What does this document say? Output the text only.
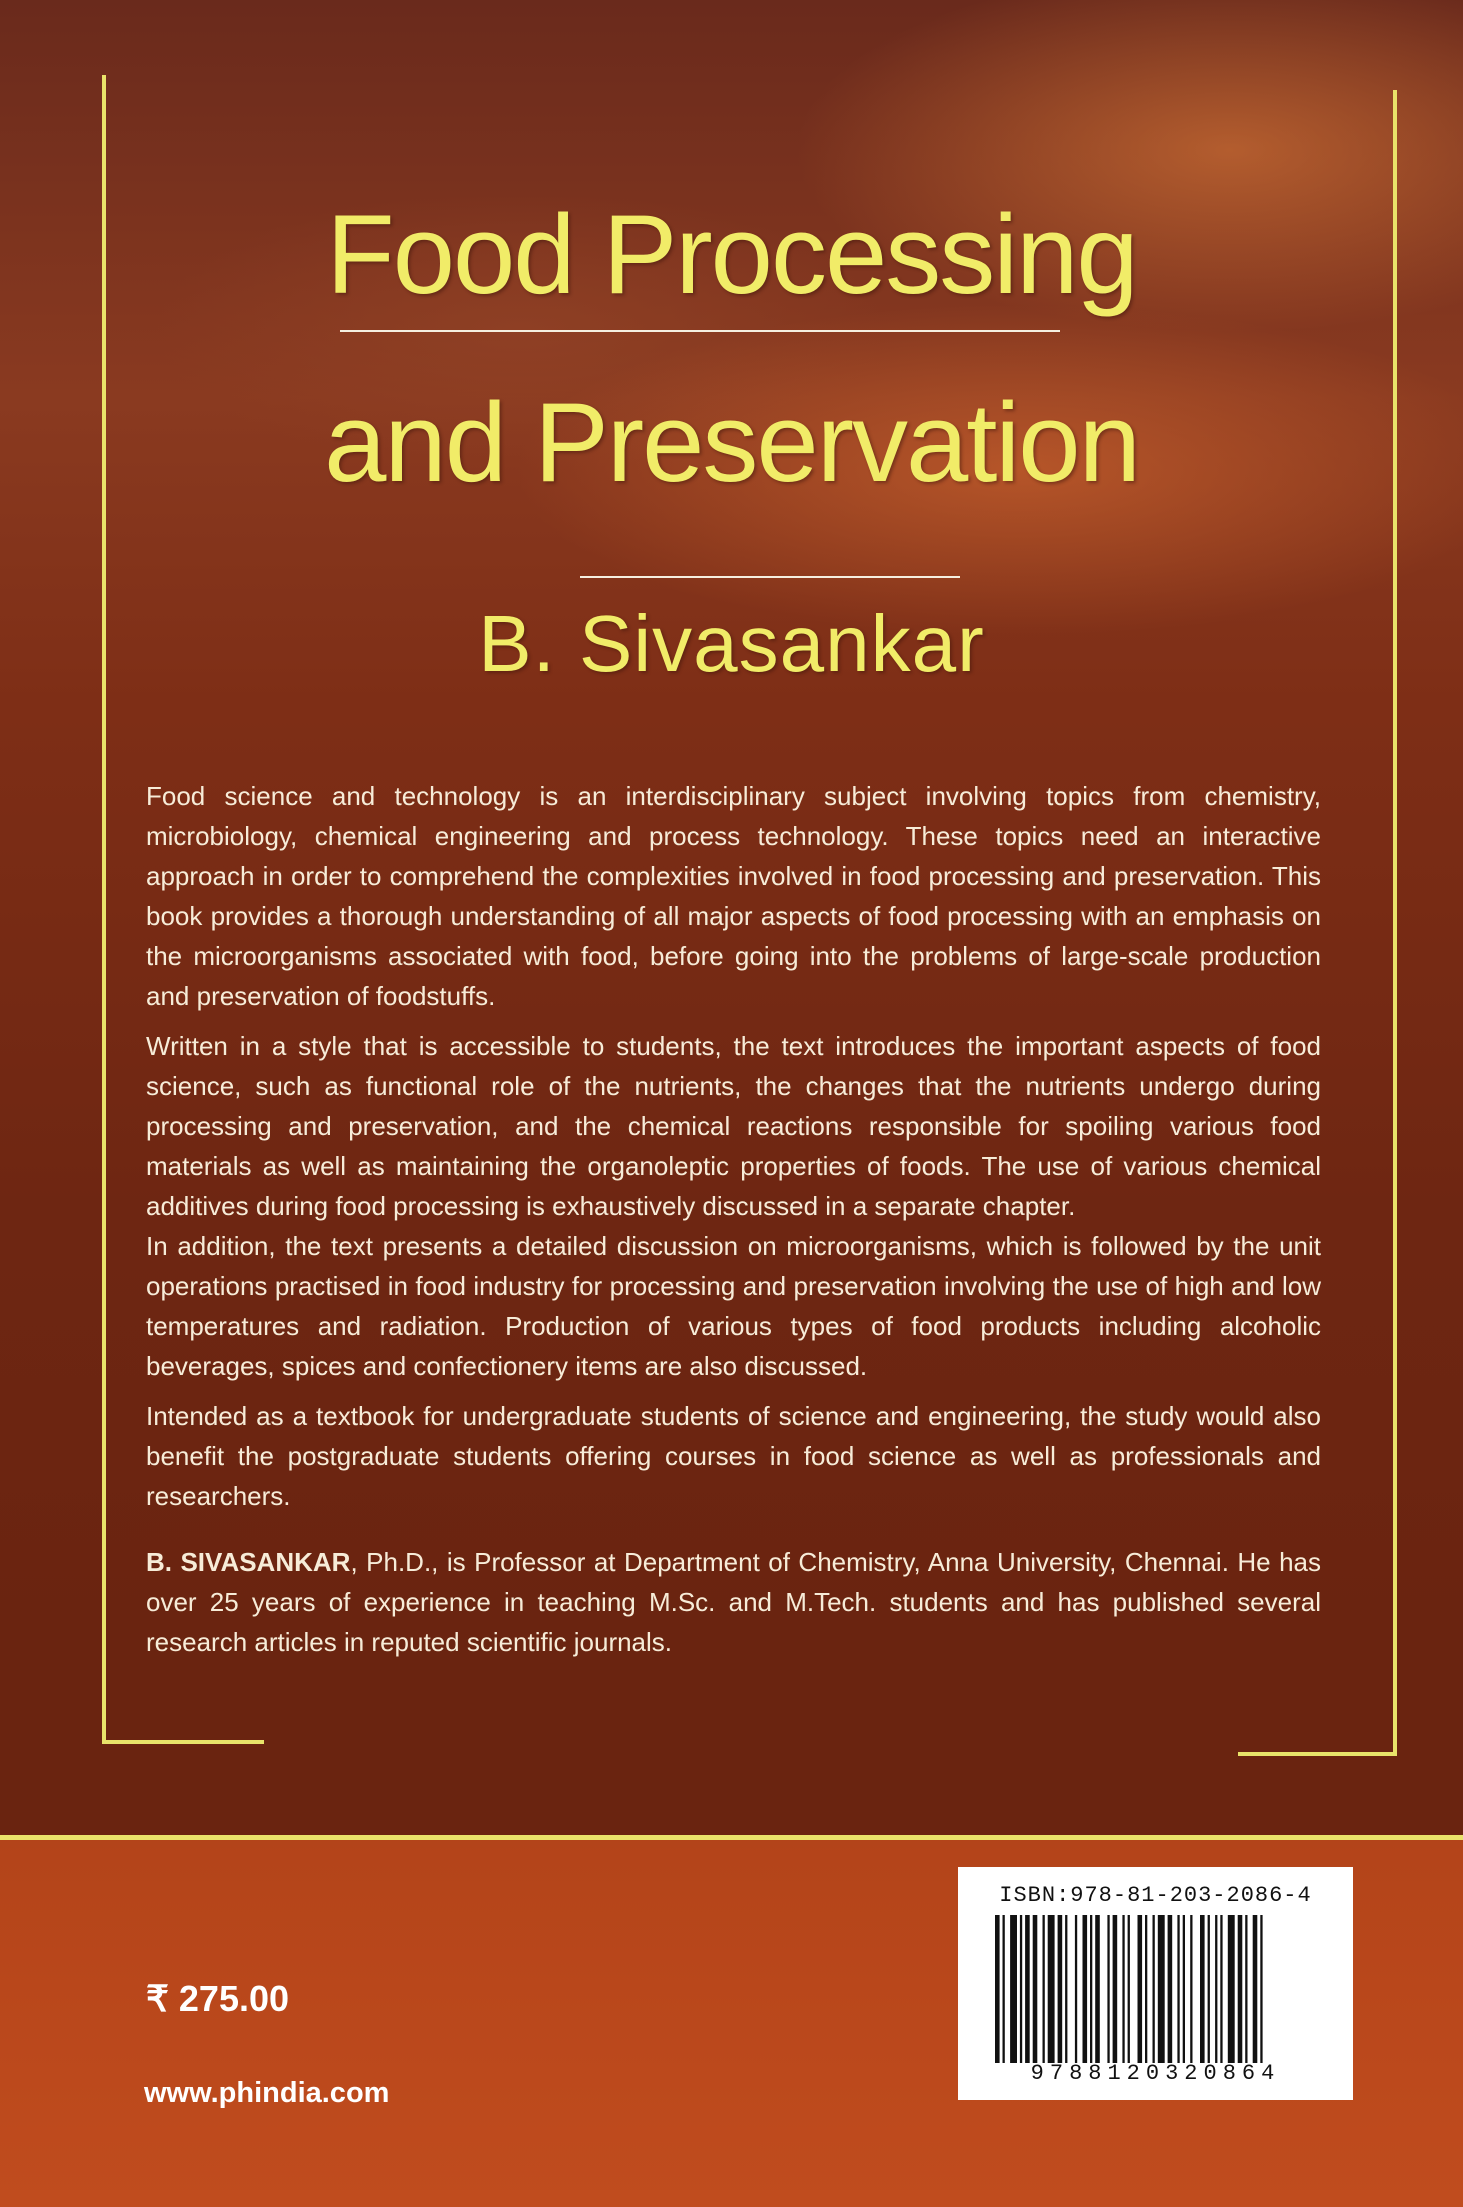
Food Processing
and Preservation
B. Sivasankar

Food science and technology is an interdisciplinary subject involving topics from chemistry, microbiology, chemical engineering and process technology. These topics need an interactive approach in order to comprehend the complexities involved in food processing and preservation. This book provides a thorough understanding of all major aspects of food processing with an emphasis on the microorganisms associated with food, before going into the problems of large-scale production and preservation of foodstuffs.

Written in a style that is accessible to students, the text introduces the important aspects of food science, such as functional role of the nutrients, the changes that the nutrients undergo during processing and preservation, and the chemical reactions responsible for spoiling various food materials as well as maintaining the organoleptic properties of foods. The use of various chemical additives during food processing is exhaustively discussed in a separate chapter.

In addition, the text presents a detailed discussion on microorganisms, which is followed by the unit operations practised in food industry for processing and preservation involving the use of high and low temperatures and radiation. Production of various types of food products including alcoholic beverages, spices and confectionery items are also discussed.

Intended as a textbook for undergraduate students of science and engineering, the study would also benefit the postgraduate students offering courses in food science as well as professionals and researchers.

B. SIVASANKAR, Ph.D., is Professor at Department of Chemistry, Anna University, Chennai. He has over 25 years of experience in teaching M.Sc. and M.Tech. students and has published several research articles in reputed scientific journals.

₹ 275.00
www.phindia.com
ISBN:978-81-203-2086-4
9788120320864
